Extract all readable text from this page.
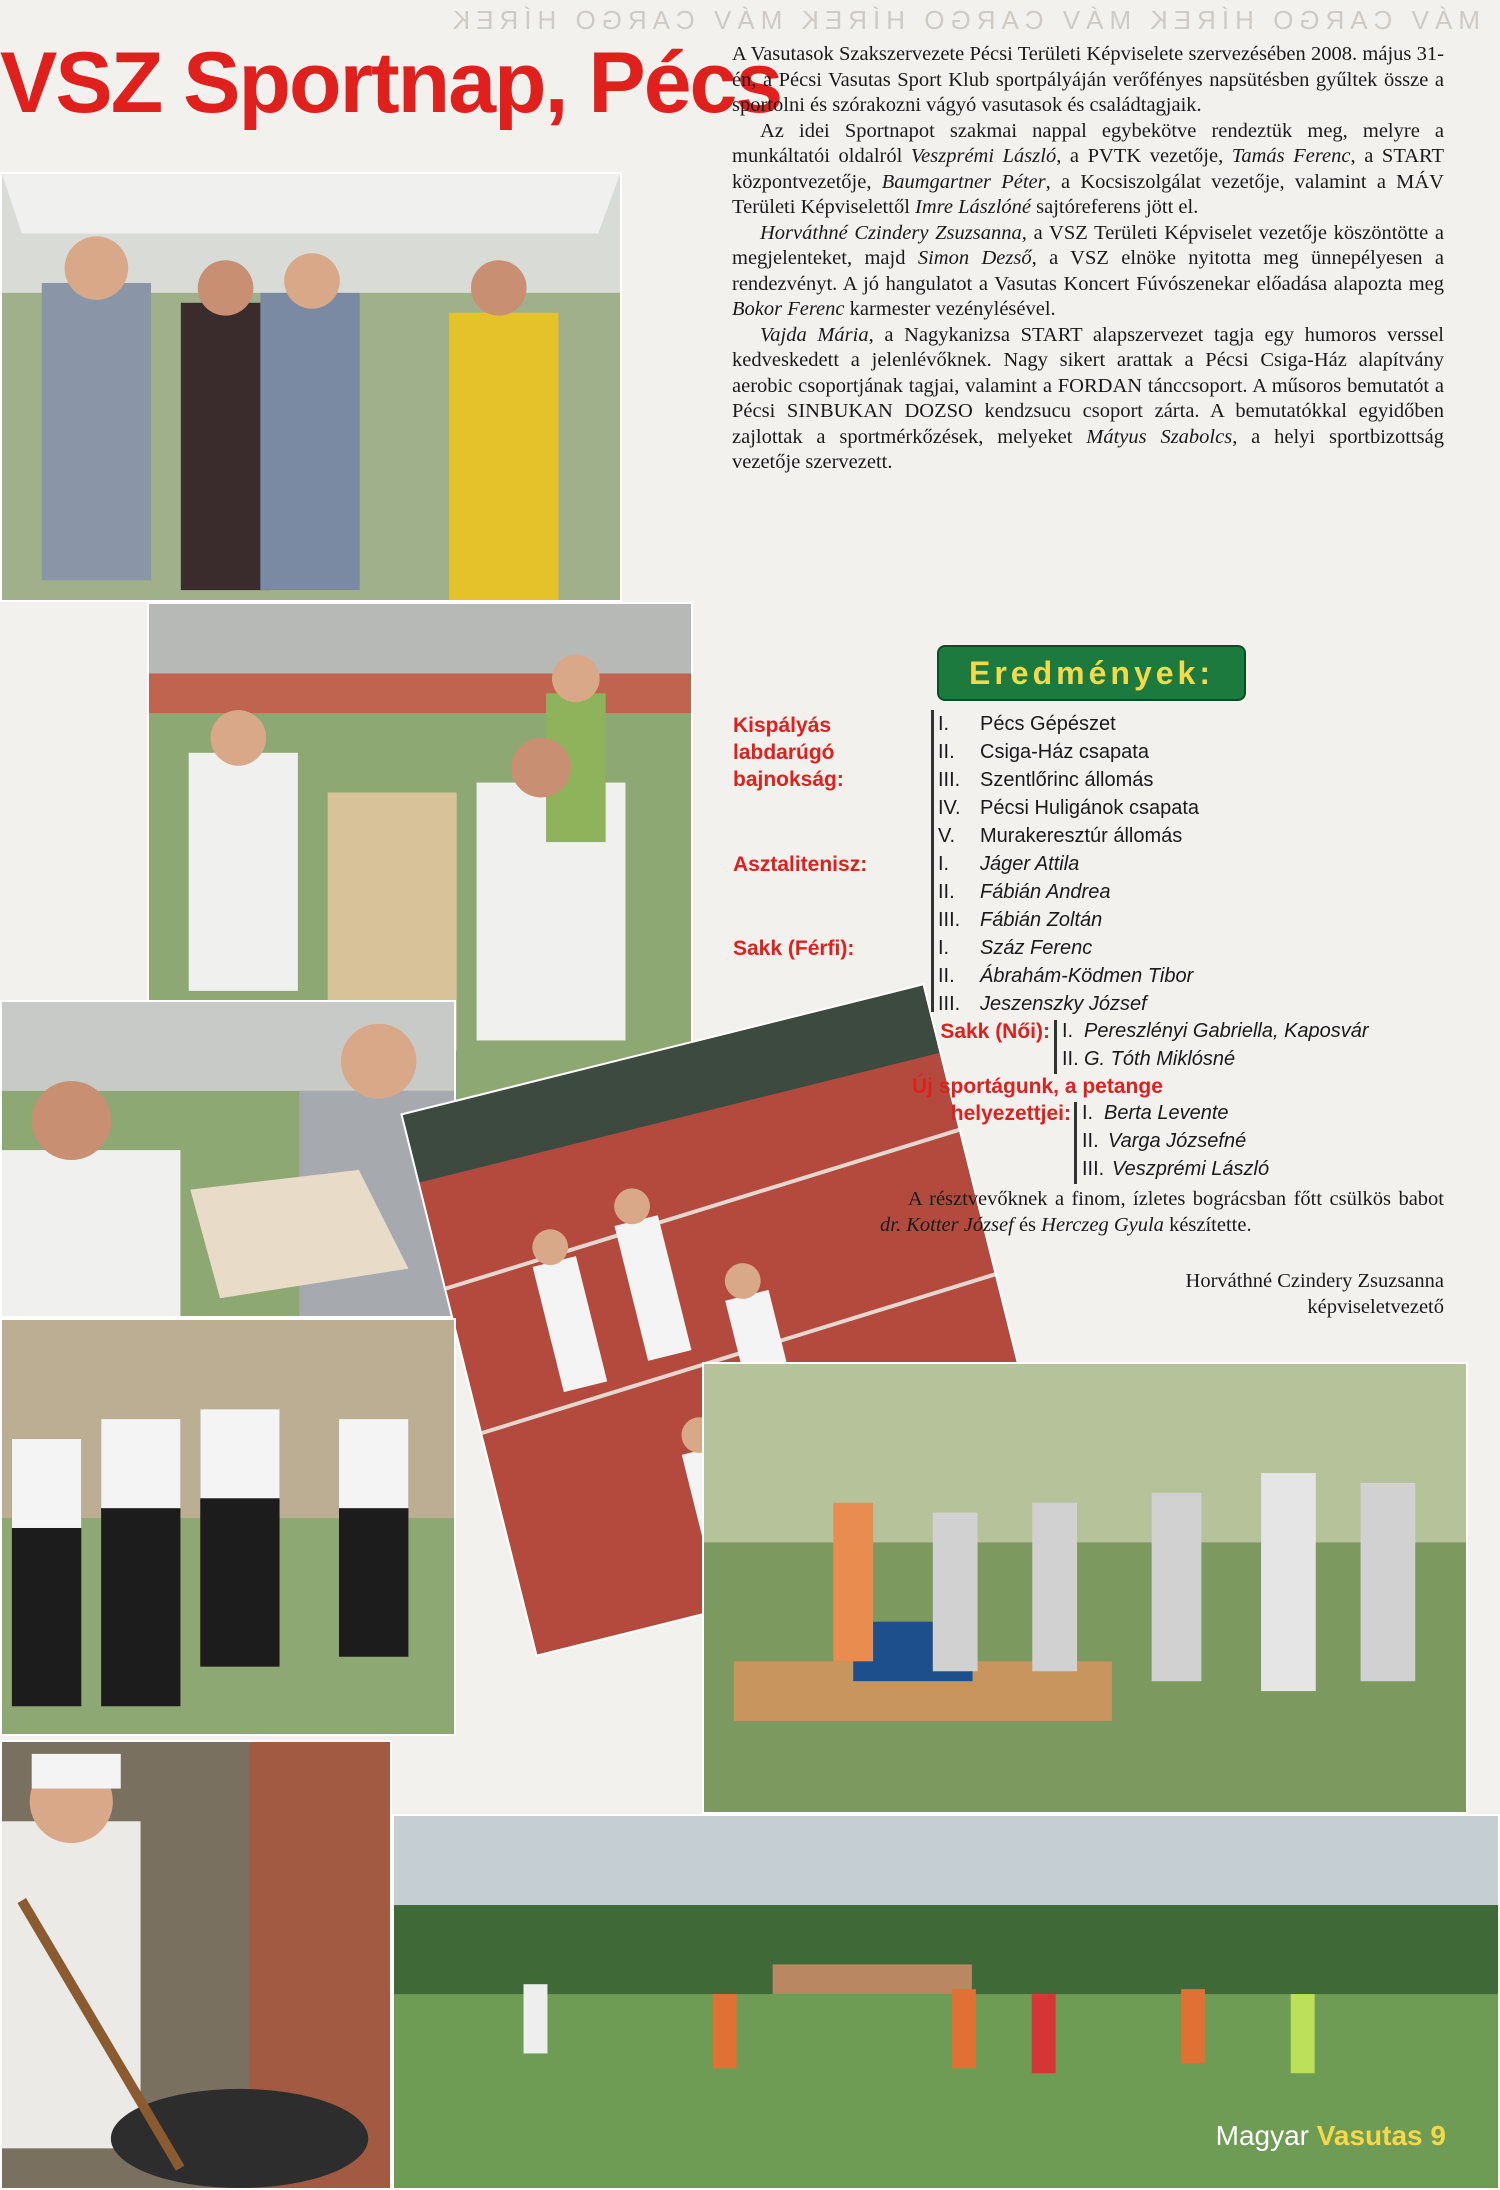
MÁV CARGO HÍREK MÁV CARGO HÍREK MÁV CARGO HÍREK
VSZ Sportnap, Pécs

A Vasutasok Szakszervezete Pécsi Területi Képviselete szervezésében 2008. május 31-én, a Pécsi Vasutas Sport Klub sportpályáján verőfényes napsütésben gyűltek össze a sportolni és szórakozni vágyó vasutasok és családtagjaik.

Az idei Sportnapot szakmai nappal egybekötve rendeztük meg, melyre a munkáltatói oldalról Veszprémi László, a PVTK vezetője, Tamás Ferenc, a START központvezetője, Baumgartner Péter, a Kocsiszolgálat vezetője, valamint a MÁV Területi Képviselettől Imre Lászlóné sajtóreferens jött el.

Horváthné Czindery Zsuzsanna, a VSZ Területi Képviselet vezetője köszöntötte a megjelenteket, majd Simon Dezső, a VSZ elnöke nyitotta meg ünnepélyesen a rendezvényt. A jó hangulatot a Vasutas Koncert Fúvószenekar előadása alapozta meg Bokor Ferenc karmester vezénylésével.

Vajda Mária, a Nagykanizsa START alapszervezet tagja egy humoros verssel kedveskedett a jelenlévőknek. Nagy sikert arattak a Pécsi Csiga-Ház alapítvány aerobic csoportjának tagjai, valamint a FORDAN tánccsoport. A műsoros bemutatót a Pécsi SINBUKAN DOZSO kendzsucu csoport zárta. A bemutatókkal egyidőben zajlottak a sportmérkőzések, melyeket Mátyus Szabolcs, a helyi sportbizottság vezetője szervezett.

Eredmények:
Kispályás
labdarúgó
bajnokság:
I. Pécs Gépészet
II. Csiga-Ház csapata
III. Szentlőrinc állomás
IV. Pécsi Huligánok csapata
V. Murakeresztúr állomás
Asztalitenisz:	I. Jáger Attila
II. Fábián Andrea
III. Fábián Zoltán
Sakk (Férfi):	I. Száz Ferenc
II. Ábrahám-Ködmen Tibor
III. Jeszenszky József
Sakk (Női): I. Pereszlényi Gabriella, Kaposvár
II. G. Tóth Miklósné
Új sportágunk, a petange
helyezettjei: I. Berta Levente
II. Varga Józsefné
III. Veszprémi László

A résztvevőknek a finom, ízletes bográcsban főtt csülkös babot dr. Kotter József és Herczeg Gyula készítette.

Horváthné Czindery Zsuzsanna
képviseletvezető
Magyar Vasutas 9
